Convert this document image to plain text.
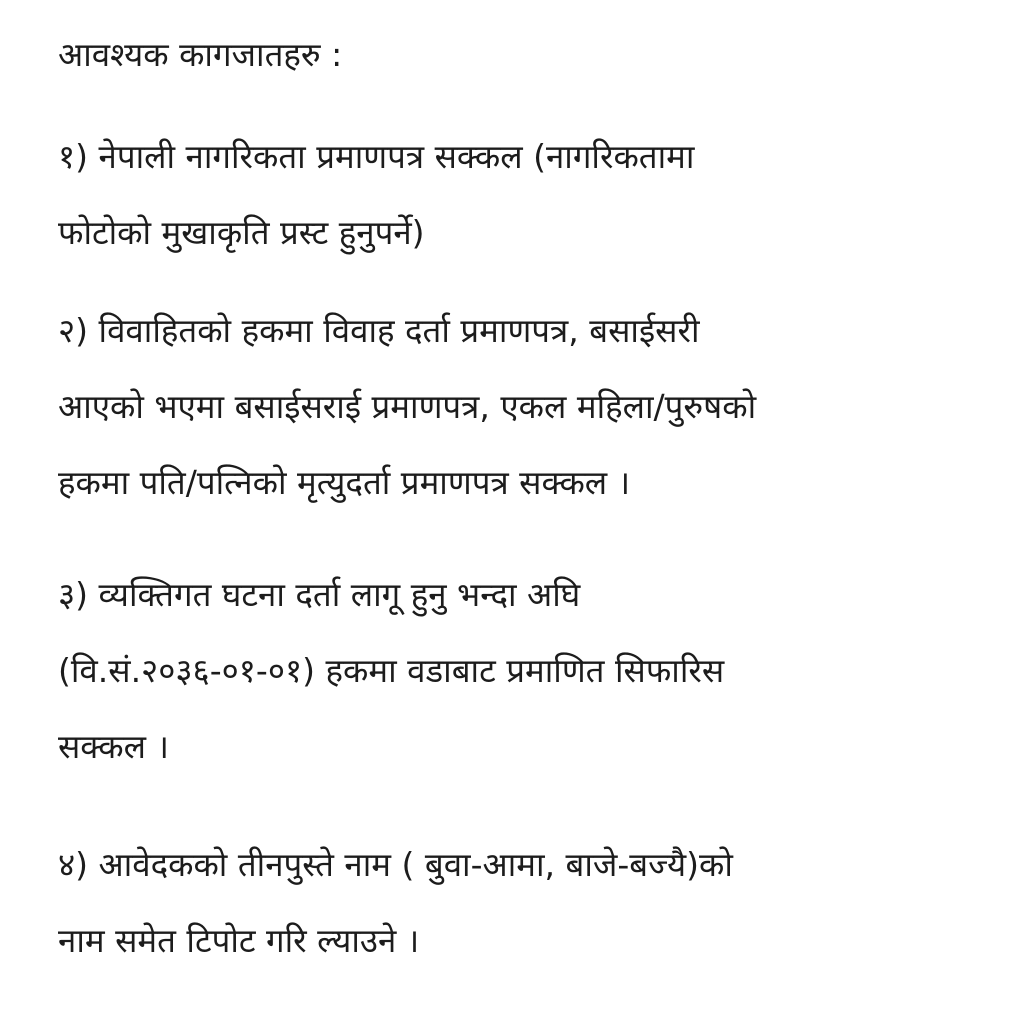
आवश्यक कागजातहरु :
१) नेपाली नागरिकता प्रमाणपत्र सक्कल (नागरिकतामा
फोटोको मुखाकृति प्रस्ट हुनुपर्ने)
२) विवाहितको हकमा विवाह दर्ता प्रमाणपत्र, बसाईसरी
आएको भएमा बसाईसराई प्रमाणपत्र, एकल महिला/पुरुषको
हकमा पति/पत्निको मृत्युदर्ता प्रमाणपत्र सक्कल ।
३) व्यक्तिगत घटना दर्ता लागू हुनु भन्दा अघि
(वि.सं.२०३६-०१-०१) हकमा वडाबाट प्रमाणित सिफारिस
सक्कल ।
४) आवेदकको तीनपुस्ते नाम ( बुवा-आमा, बाजे-बज्यै)को
नाम समेत टिपोट गरि ल्याउने ।
